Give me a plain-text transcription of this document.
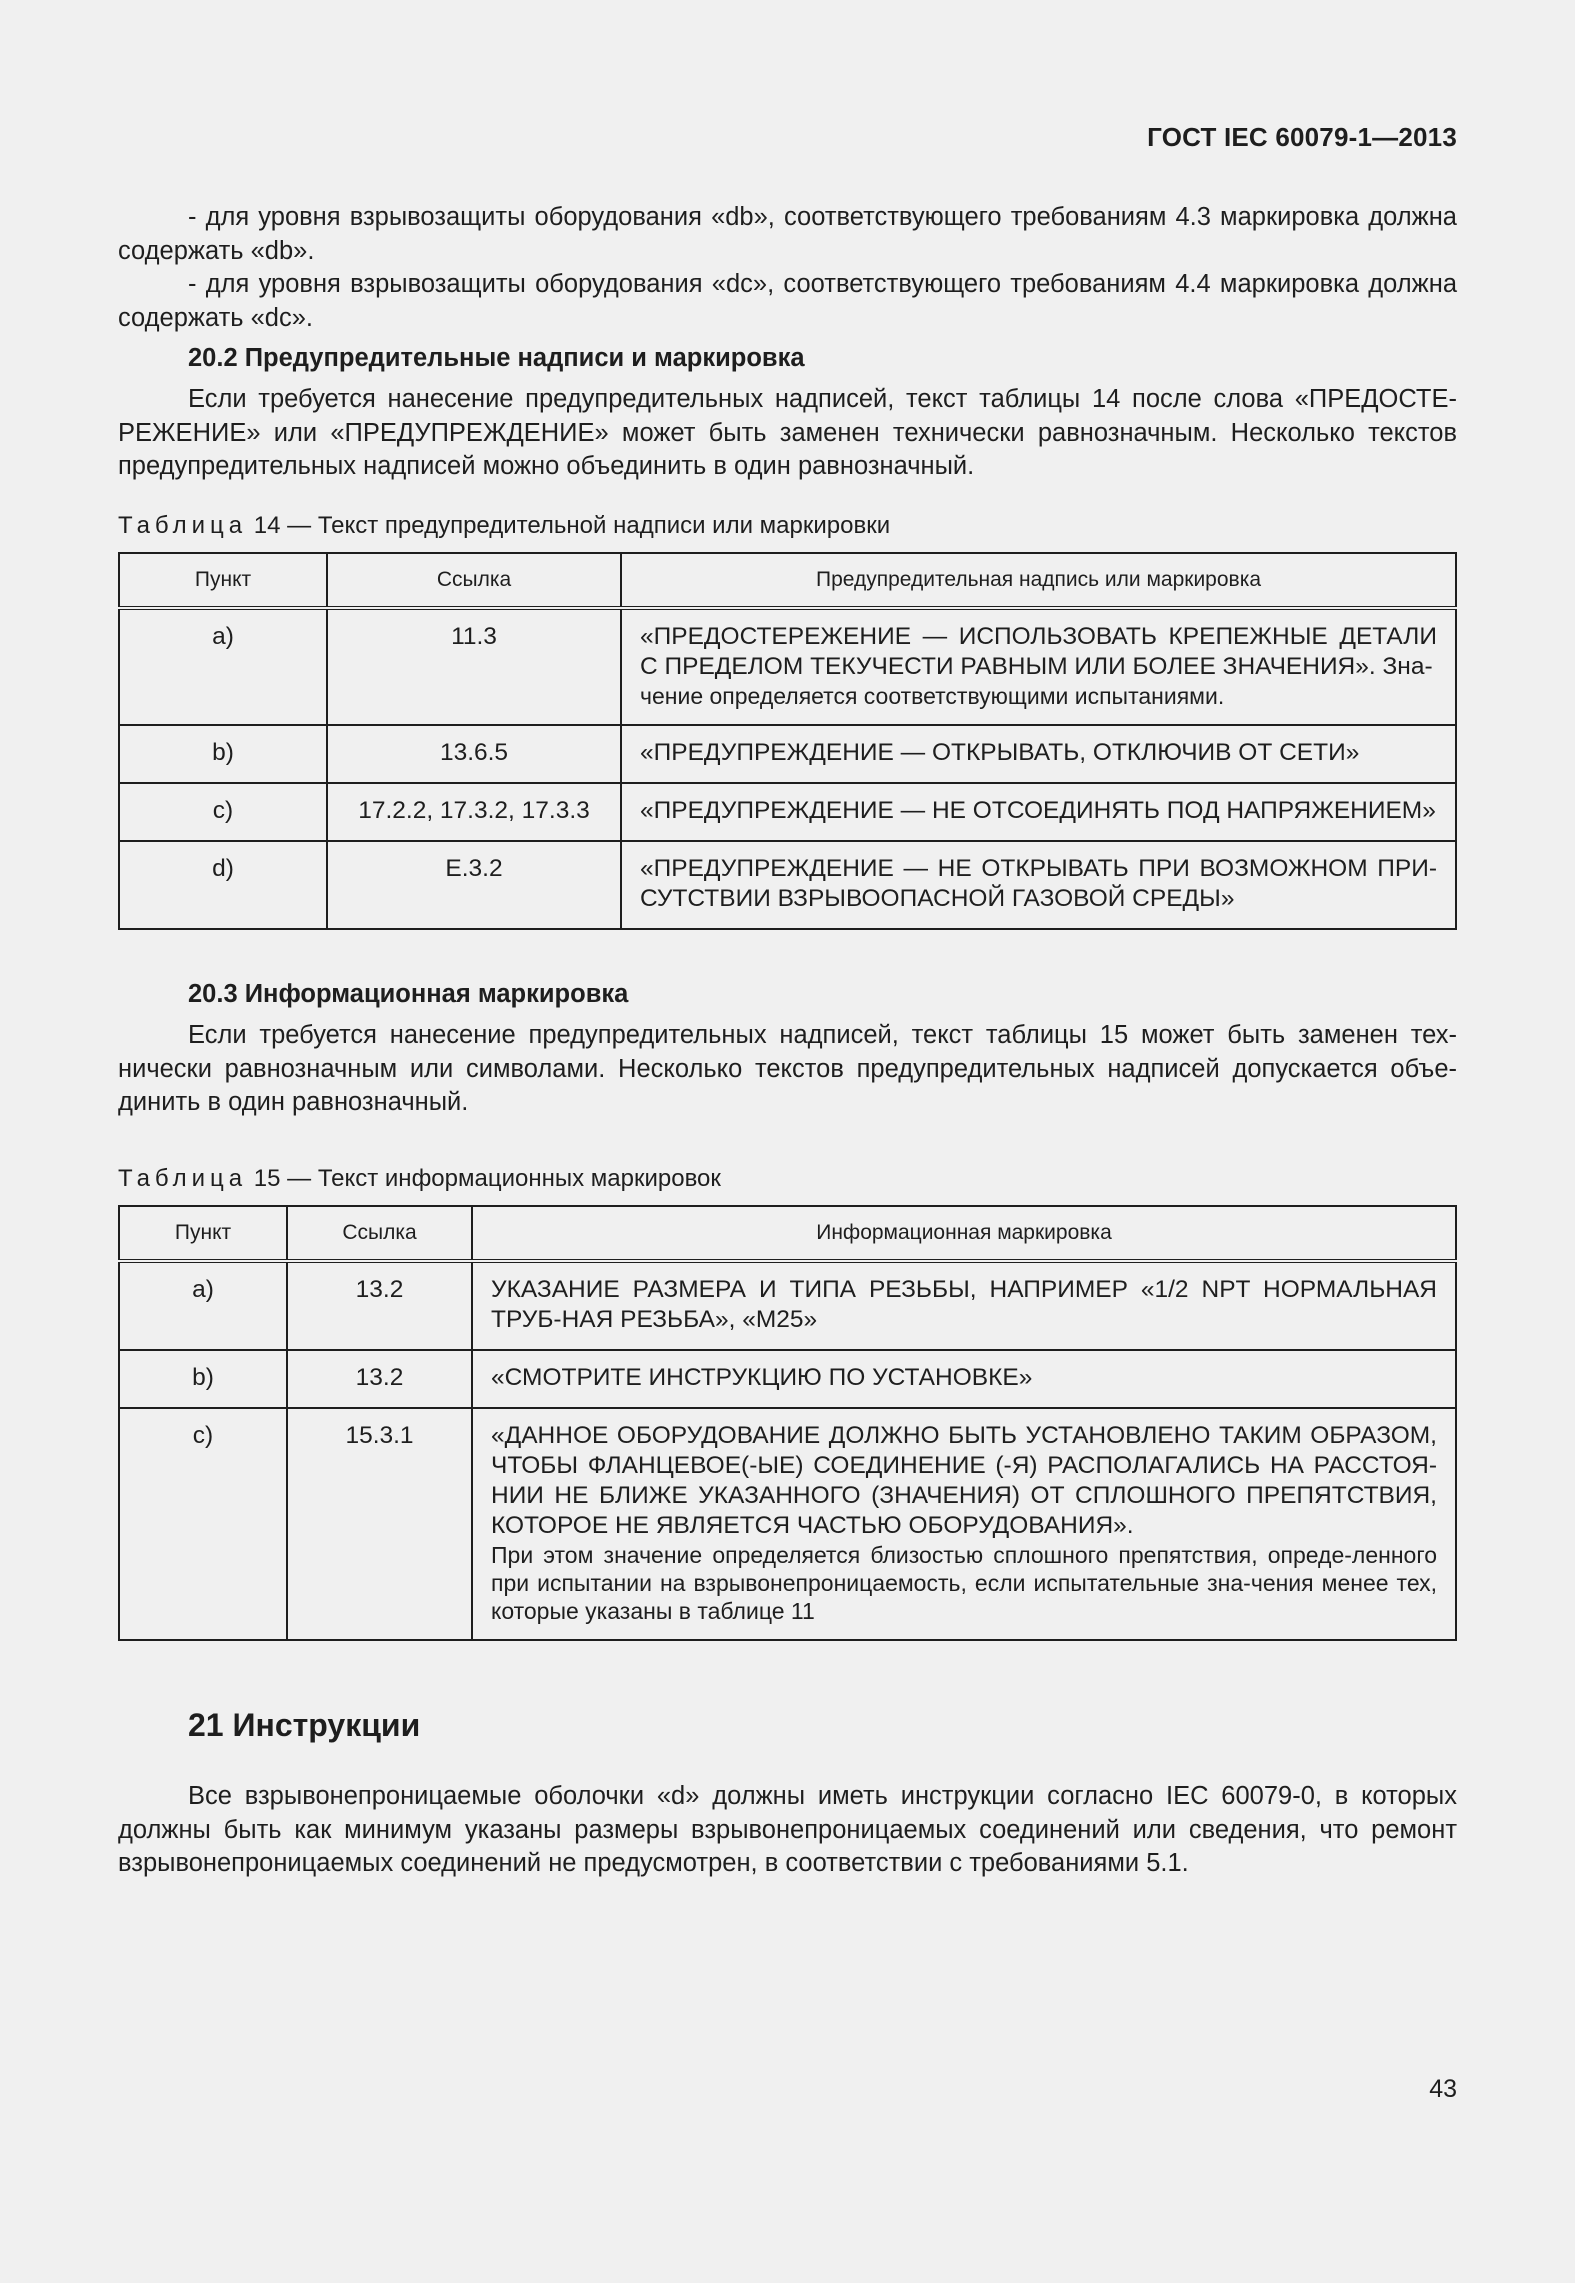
ГОСТ IEC 60079-1—2013

- для уровня взрывозащиты оборудования «db», соответствующего требованиям 4.3 маркировка должна содержать «db».

- для уровня взрывозащиты оборудования «dc», соответствующего требованиям 4.4 маркировка должна содержать «dc».

20.2 Предупредительные надписи и маркировка

Если требуется нанесение предупредительных надписей, текст таблицы 14 после слова «ПРЕДОСТЕ-РЕЖЕНИЕ» или «ПРЕДУПРЕЖДЕНИЕ» может быть заменен технически равнозначным. Несколько текстов предупредительных надписей можно объединить в один равнозначный.

Таблица 14 — Текст предупредительной надписи или маркировки
Пункт	Ссылка	Предупредительная надпись или маркировка
a)	11.3	«ПРЕДОСТЕРЕЖЕНИЕ — ИСПОЛЬЗОВАТЬ КРЕПЕЖНЫЕ ДЕТАЛИ С ПРЕДЕЛОМ ТЕКУЧЕСТИ РАВНЫМ ИЛИ БОЛЕЕ ЗНАЧЕНИЯ». Зна-
чение определяется соответствующими испытаниями.

b)	13.6.5	«ПРЕДУПРЕЖДЕНИЕ — ОТКРЫВАТЬ, ОТКЛЮЧИВ ОТ СЕТИ»
c)	17.2.2, 17.3.2, 17.3.3	«ПРЕДУПРЕЖДЕНИЕ — НЕ ОТСОЕДИНЯТЬ ПОД НАПРЯЖЕНИЕМ»
d)	E.3.2	«ПРЕДУПРЕЖДЕНИЕ — НЕ ОТКРЫВАТЬ ПРИ ВОЗМОЖНОМ ПРИ-СУТСТВИИ ВЗРЫВООПАСНОЙ ГАЗОВОЙ СРЕДЫ»
20.3 Информационная маркировка

Если требуется нанесение предупредительных надписей, текст таблицы 15 может быть заменен тех-нически равнозначным или символами. Несколько текстов предупредительных надписей допускается объе-динить в один равнозначный.

Таблица 15 — Текст информационных маркировок
Пункт	Ссылка	Информационная маркировка
a)	13.2	УКАЗАНИЕ РАЗМЕРА И ТИПА РЕЗЬБЫ, НАПРИМЕР «1/2 NPT НОРМАЛЬНАЯ ТРУБ-НАЯ РЕЗЬБА», «M25»
b)	13.2	«СМОТРИТЕ ИНСТРУКЦИЮ ПО УСТАНОВКЕ»
c)	15.3.1	«ДАННОЕ ОБОРУДОВАНИЕ ДОЛЖНО БЫТЬ УСТАНОВЛЕНО ТАКИМ ОБРАЗОМ, ЧТОБЫ ФЛАНЦЕВОЕ(-ЫЕ) СОЕДИНЕНИЕ (-Я) РАСПОЛАГАЛИСЬ НА РАССТОЯ-НИИ НЕ БЛИЖЕ УКАЗАННОГО (ЗНАЧЕНИЯ) ОТ СПЛОШНОГО ПРЕПЯТСТВИЯ, КОТОРОЕ НЕ ЯВЛЯЕТСЯ ЧАСТЬЮ ОБОРУДОВАНИЯ».
При этом значение определяется близостью сплошного препятствия, опреде-ленного при испытании на взрывонепроницаемость, если испытательные зна-чения менее тех, которые указаны в таблице 11
21 Инструкции

Все взрывонепроницаемые оболочки «d» должны иметь инструкции согласно IEC 60079-0, в которых должны быть как минимум указаны размеры взрывонепроницаемых соединений или сведения, что ремонт взрывонепроницаемых соединений не предусмотрен, в соответствии с требованиями 5.1.

43
